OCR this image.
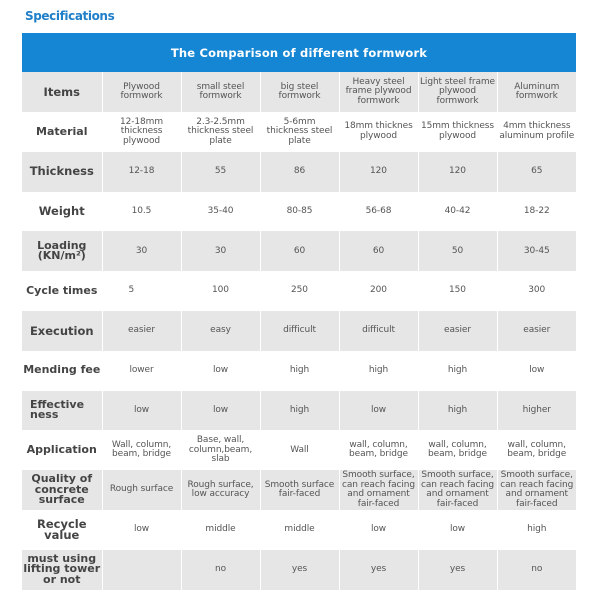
Specifications
The Comparison of different formwork
Items	Plywood formwork	small steel formwork	big steel formwork	Heavy steel frame plywood formwork	Light steel frame plywood formwork	Aluminum formwork
Material	12-18mm thickness plywood	2.3-2.5mm thickness steel plate	5-6mm thickness steel plate	18mm thicknes plywood	15mm thickness plywood	4mm thickness aluminum profile
Thickness	12-18	55	86	120	120	65
Weight	10.5	35-40	80-85	56-68	40-42	18-22
Loading (KN/m²)	30	30	60	60	50	30-45
Cycle times	5	100	250	200	150	300
Execution	easier	easy	difficult	difficult	easier	easier
Mending fee	lower	low	high	high	high	low
Effective ness	low	low	high	low	high	higher
Application	Wall, column, beam, bridge	Base, wall, column,beam, slab	Wall	wall, column, beam, bridge	wall, column, beam, bridge	wall, column, beam, bridge
Quality of concrete surface	Rough surface	Rough surface, low accuracy	Smooth surface fair-faced	Smooth surface, can reach facing and ornament fair-faced	Smooth surface, can reach facing and ornament fair-faced	Smooth surface, can reach facing and ornament fair-faced
Recycle value	low	middle	middle	low	low	high
must using lifting tower or not		no	yes	yes	yes	no
